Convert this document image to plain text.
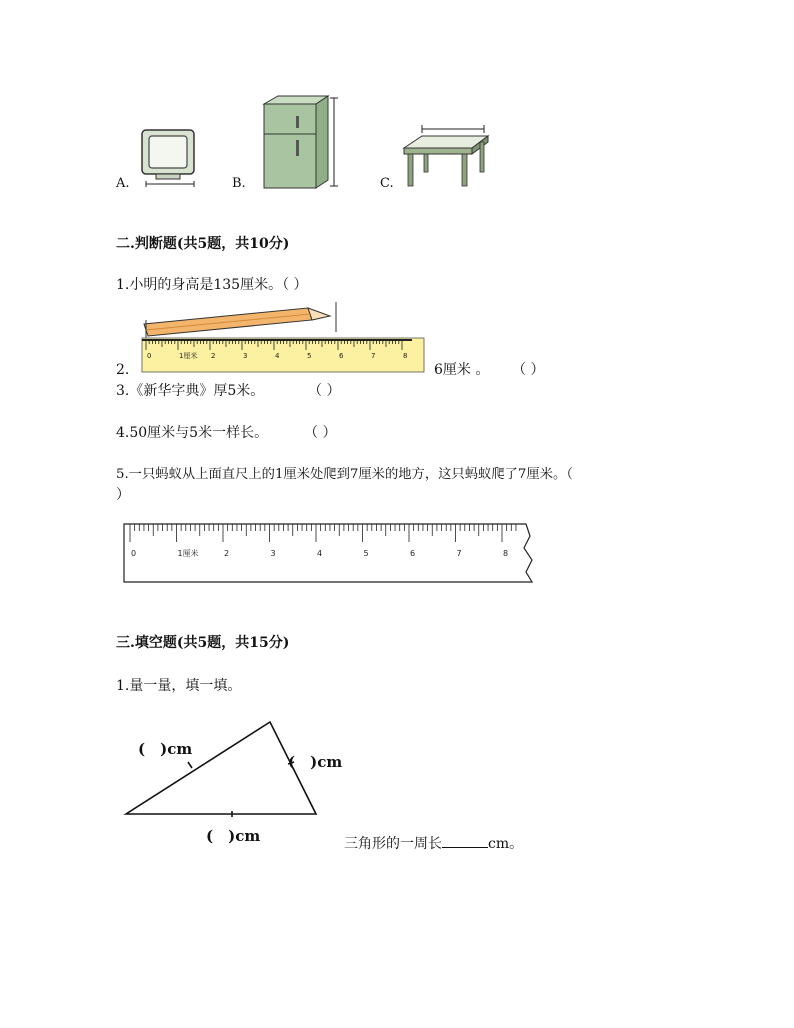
A.	B.	C.
二.判断题(共5题，共10分)
1.小明的身高是135厘米。（ ）
0	1厘米 2	3	4	5	6	7	8
2.	6厘米 。 （ ）
3.《新华字典》厚5米。	（ ）
4.50厘米与5米一样长。	（ ）
5.一只蚂蚁从上面直尺上的1厘米处爬到7厘米的地方，这只蚂蚁爬了7厘米。（
）
0	1厘米	2	3	4	5	6	7	8
三.填空题(共5题，共15分)
1.量一量，填一填。
(　)cm
(　)cm
(　)cm	三角形的一周长	cm。
